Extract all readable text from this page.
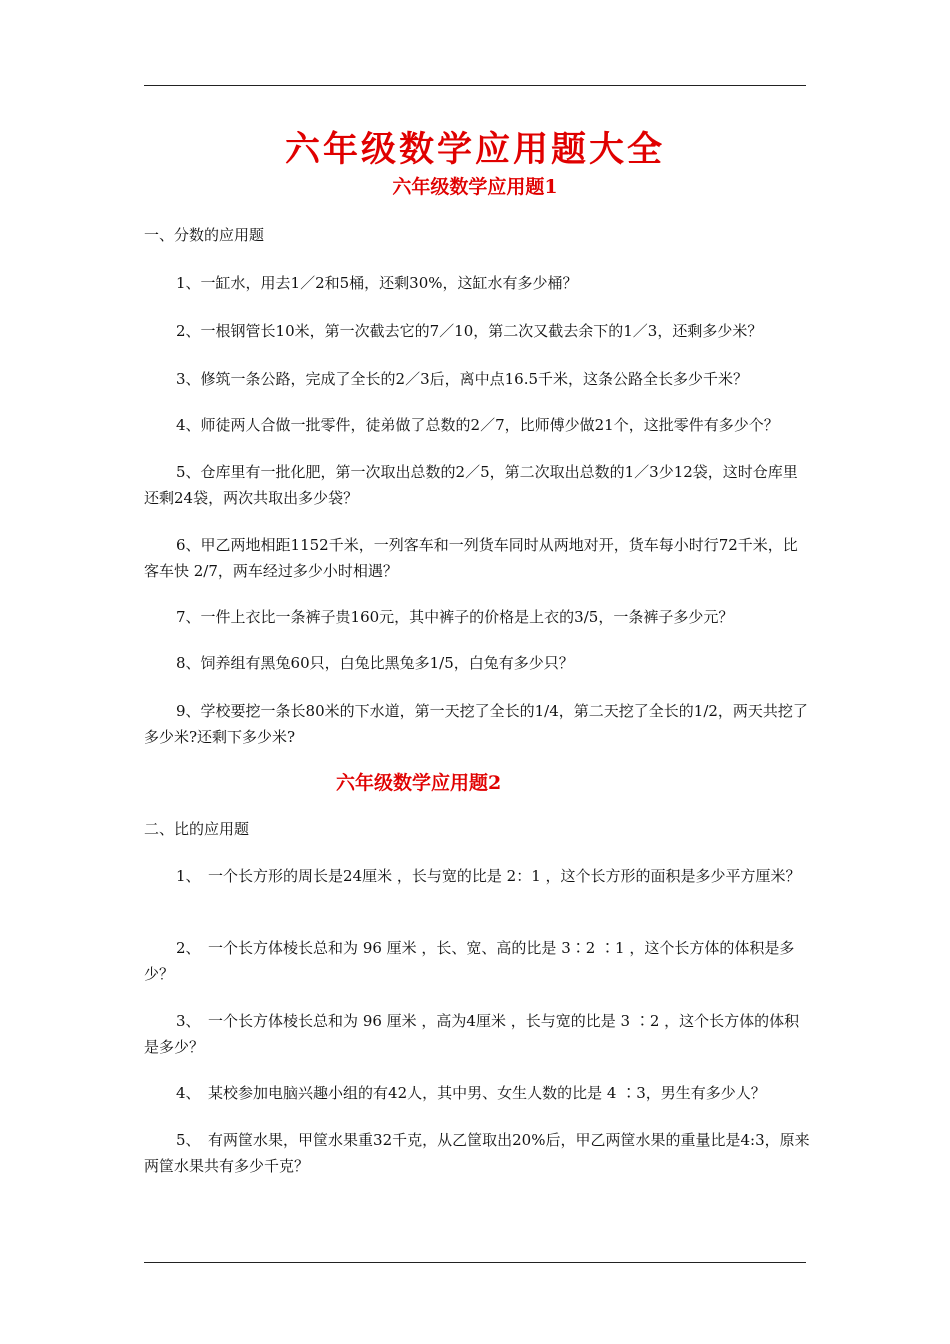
六年级数学应用题大全
六年级数学应用题1
一、分数的应用题
1、一缸水，用去1／2和5桶，还剩30%，这缸水有多少桶？
2、一根钢管长10米，第一次截去它的7／10，第二次又截去余下的1／3，还剩多少米？
3、修筑一条公路，完成了全长的2／3后，离中点16.5千米，这条公路全长多少千米？
4、师徒两人合做一批零件，徒弟做了总数的2／7，比师傅少做21个，这批零件有多少个？
5、仓库里有一批化肥，第一次取出总数的2／5，第二次取出总数的1／3少12袋，这时仓库里还剩24袋，两次共取出多少袋？
6、甲乙两地相距1152千米，一列客车和一列货车同时从两地对开，货车每小时行72千米，比客车快 2/7，两车经过多少小时相遇？
7、一件上衣比一条裤子贵160元，其中裤子的价格是上衣的3/5，一条裤子多少元？
8、饲养组有黑兔60只，白兔比黑兔多1/5，白兔有多少只？
9、学校要挖一条长80米的下水道，第一天挖了全长的1/4，第二天挖了全长的1/2，两天共挖了多少米?还剩下多少米?
六年级数学应用题2
二、比的应用题
1、　一个长方形的周长是24厘米 ，长与宽的比是 2：1 ，这个长方形的面积是多少平方厘米？
2、　一个长方体棱长总和为 96 厘米 ，长、宽、高的比是 3∶2 ∶1 ，这个长方体的体积是多少？
3、　一个长方体棱长总和为 96 厘米 ，高为4厘米 ，长与宽的比是 3 ∶2 ，这个长方体的体积是多少？
4、　某校参加电脑兴趣小组的有42人，其中男、女生人数的比是 4 ∶3，男生有多少人？
5、　有两筐水果，甲筐水果重32千克，从乙筐取出20%后，甲乙两筐水果的重量比是4:3，原来两筐水果共有多少千克？
